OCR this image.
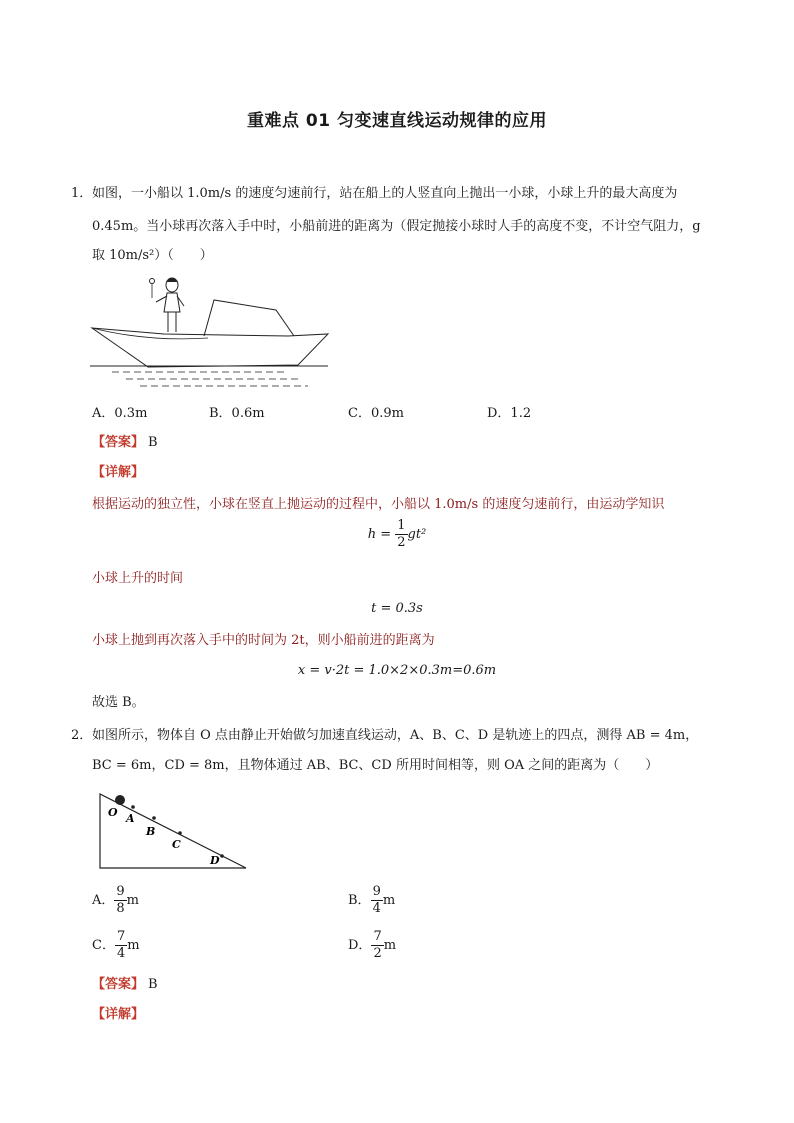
重难点 01 匀变速直线运动规律的应用
1． 如图，一小船以 1.0m/s 的速度匀速前行，站在船上的人竖直向上抛出一小球，小球上升的最大高度为
0.45m。当小球再次落入手中时，小船前进的距离为（假定抛接小球时人手的高度不变，不计空气阻力，g
取 10m/s²）（　　）
A．0.3m	B．0.6m	C．0.9m	D．1.2
【答案】 B
【详解】
根据运动的独立性，小球在竖直上抛运动的过程中，小船以 1.0m/s 的速度匀速前行，由运动学知识
$h = \frac{1}{2} gt^2$
小球上升的时间
t = 0.3s
小球上抛到再次落入手中的时间为 2t，则小船前进的距离为
x = v·2t = 1.0×2×0.3m=0.6m
故选 B。
2． 如图所示，物体自 O 点由静止开始做匀加速直线运动，A、B、C、D 是轨迹上的四点，测得 AB = 4m，
BC = 6m，CD = 8m，且物体通过 AB、BC、CD 所用时间相等，则 OA 之间的距离为（　　）
O A
B
C
D
A． $\frac{9}{8}$ m	B． $\frac{9}{4}$ m
C． $\frac{7}{4}$ m	D． $\frac{7}{2}$ m
【答案】 B
【详解】
